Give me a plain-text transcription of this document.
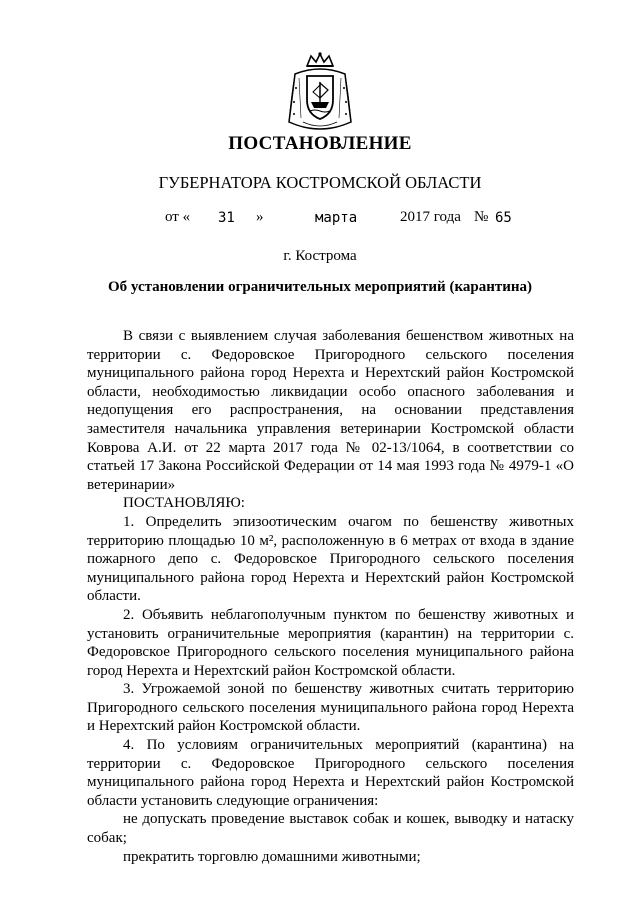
ПОСТАНОВЛЕНИЕ
ГУБЕРНАТОРА КОСТРОМСКОЙ ОБЛАСТИ
от « 31 »	марта	2017 года № 65
г. Кострома
Об установлении ограничительных мероприятий (карантина)

В связи с выявлением случая заболевания бешенством животных на территории с. Федоровское Пригородного сельского поселения муниципального района город Нерехта и Нерехтский район Костромской области, необходимостью ликвидации особо опасного заболевания и недопущения его распространения, на основании представления заместителя начальника управления ветеринарии Костромской области Коврова А.И. от 22 марта 2017 года № 02-13/1064, в соответствии со статьей 17 Закона Российской Федерации от 14 мая 1993 года № 4979-1 «О ветеринарии»

ПОСТАНОВЛЯЮ:

1. Определить эпизоотическим очагом по бешенству животных территорию площадью 10 м², расположенную в 6 метрах от входа в здание пожарного депо с. Федоровское Пригородного сельского поселения муниципального района город Нерехта и Нерехтский район Костромской области.

2. Объявить неблагополучным пунктом по бешенству животных и установить ограничительные мероприятия (карантин) на территории с. Федоровское Пригородного сельского поселения муниципального района город Нерехта и Нерехтский район Костромской области.

3. Угрожаемой зоной по бешенству животных считать территорию Пригородного сельского поселения муниципального района город Нерехта и Нерехтский район Костромской области.

4. По условиям ограничительных мероприятий (карантина) на территории с. Федоровское Пригородного сельского поселения муниципального района город Нерехта и Нерехтский район Костромской области установить следующие ограничения:

не допускать проведение выставок собак и кошек, выводку и натаску собак;

прекратить торговлю домашними животными;
